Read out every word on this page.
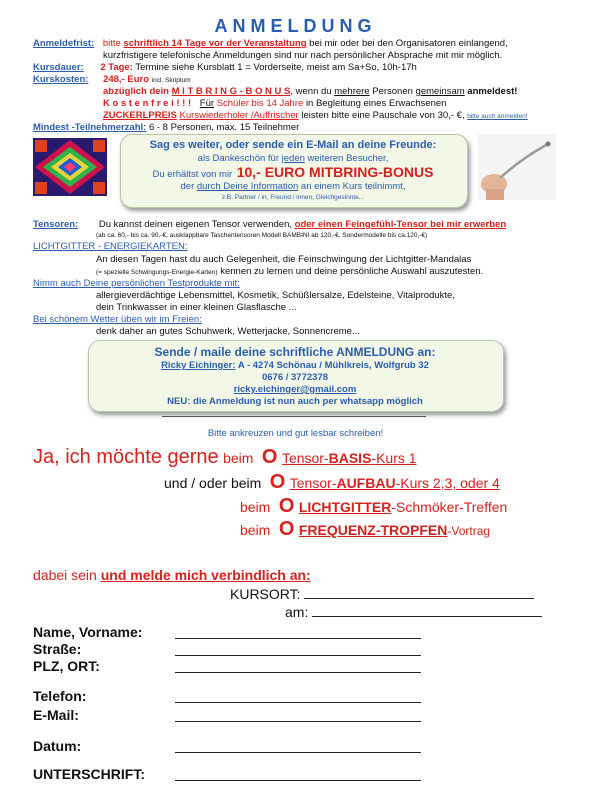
ANMELDUNG
Anmeldefrist: bitte schriftlich 14 Tage vor der Veranstaltung bei mir oder bei den Organisatoren einlangend,
kurzfristigere telefonische Anmeldungen sind nur nach persönlicher Absprache mit mir möglich.
Kursdauer: 2 Tage: Termine siehe Kursblatt 1 = Vorderseite, meist am Sa+So, 10h-17h
Kurskosten: 248,- Euro incl. Skriptum
abzüglich dein M I T B R I N G - B O N U S, wenn du mehrere Personen gemeinsam anmeldest!
K o s t e n f r e i ! ! ! Für Schüler bis 14 Jahre in Begleitung eines Erwachsenen
ZUCKERLPREIS Kurswiederholer /Auffrischer leisten bitte eine Pauschale von 30,- €, bitte auch anmelden!
Mindest -Teilnehmerzahl: 6 - 8 Personen, max. 15 Teilnehmer
Sag es weiter, oder sende ein E-Mail an deine Freunde:
als Dankeschön für jeden weiteren Besucher,
Du erhältst von mir 10,- EURO MITBRING-BONUS
der durch Deine Information an einem Kurs teilnimmt,
z.B. Partner / in, Freund / innen, Gleichgesinnte...
Tensoren: Du kannst deinen eigenen Tensor verwenden, oder einen Feingefühl-Tensor bei mir erwerben
(ab ca. 60,- bis ca. 90,-€, ausklappbare Taschentensoren Modell BAMBINI ab 120,-€, Sondermodelle bis ca.120,-€)
LICHTGITTER - ENERGIEKARTEN:
An diesen Tagen hast du auch Gelegenheit, die Feinschwingung der Lichtgitter-Mandalas
(= spezielle Schwingungs-Energie-Karten) kennen zu lernen und deine persönliche Auswahl auszutesten.
Nimm auch Deine persönlichen Testprodukte mit:
allergieverdächtige Lebensmittel, Kosmetik, Schüßlersalze, Edelsteine, Vitalprodukte,
dein Trinkwasser in einer kleinen Glasflasche ...
Bei schönem Wetter üben wir im Freien:
denk daher an gutes Schuhwerk, Wetterjacke, Sonnencreme...
Sende / maile deine schriftliche ANMELDUNG an:
Ricky Eichinger: A - 4274 Schönau / Mühlkreis, Wolfgrub 32
0676 / 3772378
ricky.eichinger@gmail.com
NEU: die Anmeldung ist nun auch per whatsapp möglich
Bitte ankreuzen und gut lesbar schreiben!
Ja, ich möchte gerne beim O Tensor-BASIS-Kurs 1
und / oder beim O Tensor-AUFBAU-Kurs 2,3, oder 4
beim O LICHTGITTER-Schmöker-Treffen
beim O FREQUENZ-TROPFEN-Vortrag
dabei sein und melde mich verbindlich an:
KURSORT:
am:
Name, Vorname:
Straße:
PLZ, ORT:
Telefon:
E-Mail:
Datum:
UNTERSCHRIFT:
